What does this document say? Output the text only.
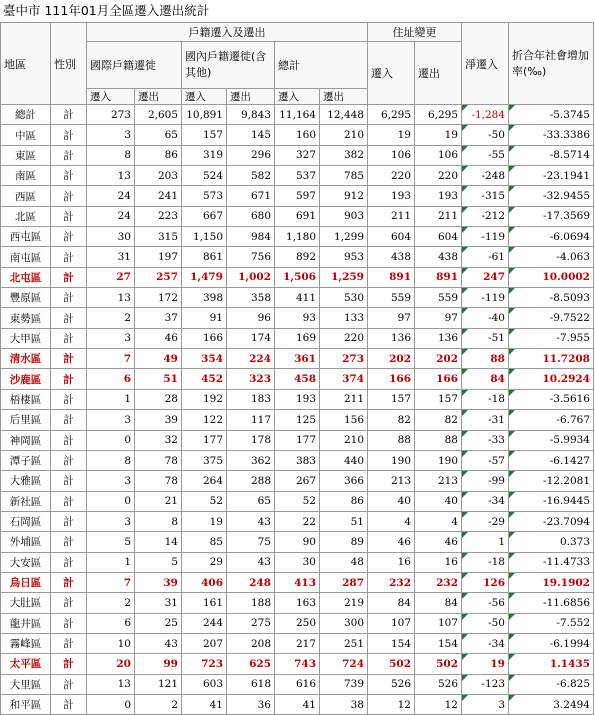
臺中市 111年01月全區遷入遷出統計
地區	性別	戶籍遷入及遷出						住址變更		淨遷入	折合年社會增加率(‰)
		國際戶籍遷徙		國內戶籍遷徙(含其他)		總計		遷入	遷出		
		遷入	遷出	遷入	遷出	遷入	遷出				
總計	計	273	2,605	10,891	9,843	11,164	12,448	6,295	6,295	-1,284	-5.3745
中區	計	3	65	157	145	160	210	19	19	-50	-33.3386
東區	計	8	86	319	296	327	382	106	106	-55	-8.5714
南區	計	13	203	524	582	537	785	220	220	-248	-23.1941
西區	計	24	241	573	671	597	912	193	193	-315	-32.9455
北區	計	24	223	667	680	691	903	211	211	-212	-17.3569
西屯區	計	30	315	1,150	984	1,180	1,299	604	604	-119	-6.0694
南屯區	計	31	197	861	756	892	953	438	438	-61	-4.063
北屯區	計	27	257	1,479	1,002	1,506	1,259	891	891	247	10.0002
豐原區	計	13	172	398	358	411	530	559	559	-119	-8.5093
東勢區	計	2	37	91	96	93	133	97	97	-40	-9.7522
大甲區	計	3	46	166	174	169	220	136	136	-51	-7.955
清水區	計	7	49	354	224	361	273	202	202	88	11.7208
沙鹿區	計	6	51	452	323	458	374	166	166	84	10.2924
梧棲區	計	1	28	192	183	193	211	157	157	-18	-3.5616
后里區	計	3	39	122	117	125	156	82	82	-31	-6.767
神岡區	計	0	32	177	178	177	210	88	88	-33	-5.9934
潭子區	計	8	78	375	362	383	440	190	190	-57	-6.1427
大雅區	計	3	78	264	288	267	366	213	213	-99	-12.2081
新社區	計	0	21	52	65	52	86	40	40	-34	-16.9445
石岡區	計	3	8	19	43	22	51	4	4	-29	-23.7094
外埔區	計	5	14	85	75	90	89	46	46	1	0.373
大安區	計	1	5	29	43	30	48	16	16	-18	-11.4733
烏日區	計	7	39	406	248	413	287	232	232	126	19.1902
大肚區	計	2	31	161	188	163	219	84	84	-56	-11.6856
龍井區	計	6	25	244	275	250	300	107	107	-50	-7.552
霧峰區	計	10	43	207	208	217	251	154	154	-34	-6.1994
太平區	計	20	99	723	625	743	724	502	502	19	1.1435
大里區	計	13	121	603	618	616	739	526	526	-123	-6.825
和平區	計	0	2	41	36	41	38	12	12	3	3.2494
